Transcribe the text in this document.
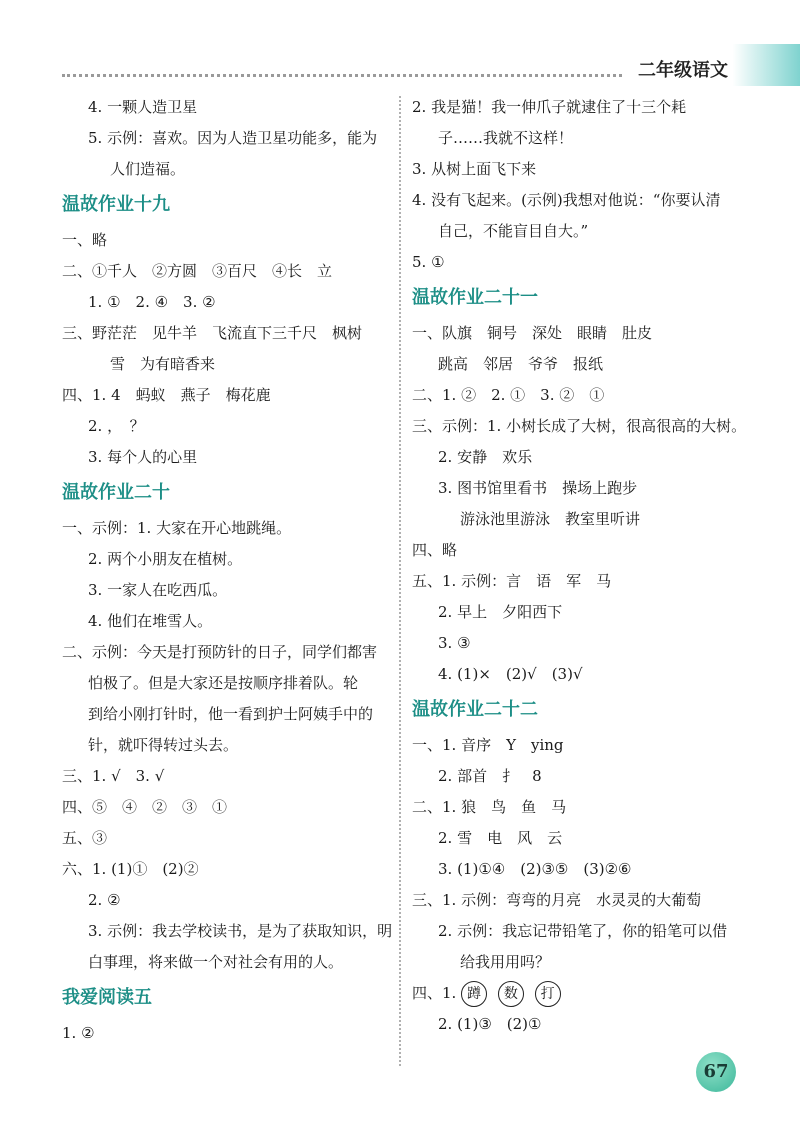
二年级语文
4. 一颗人造卫星
5. 示例：喜欢。因为人造卫星功能多，能为
人们造福。
温故作业十九
一、略
二、①千人　②方圆　③百尺　④长　立
1. ①　2. ④　3. ②
三、野茫茫　见牛羊　飞流直下三千尺　枫树
雪　为有暗香来
四、1. 4　蚂蚁　燕子　梅花鹿
2. ，　？
3. 每个人的心里
温故作业二十
一、示例：1. 大家在开心地跳绳。
2. 两个小朋友在植树。
3. 一家人在吃西瓜。
4. 他们在堆雪人。
二、示例：今天是打预防针的日子，同学们都害
怕极了。但是大家还是按顺序排着队。轮
到给小刚打针时，他一看到护士阿姨手中的
针，就吓得转过头去。
三、1. √　3. √
四、⑤　④　②　③　①
五、③
六、1. (1)①　(2)②
2. ②
3. 示例：我去学校读书，是为了获取知识，明
白事理，将来做一个对社会有用的人。
我爱阅读五
1. ②
2. 我是猫！我一伸爪子就逮住了十三个耗
子……我就不这样！
3. 从树上面飞下来
4. 没有飞起来。(示例)我想对他说：“你要认清
自己，不能盲目自大。”
5. ①
温故作业二十一
一、队旗　铜号　深处　眼睛　肚皮
跳高　邻居　爷爷　报纸
二、1. ②　2. ①　3. ②　①
三、示例：1. 小树长成了大树，很高很高的大树。
2. 安静　欢乐
3. 图书馆里看书　操场上跑步
游泳池里游泳　教室里听讲
四、略
五、1. 示例：言　语　军　马
2. 早上　夕阳西下
3. ③
4. (1)×　(2)√　(3)√
温故作业二十二
一、1. 音序　Y　ying
2. 部首　扌　8
二、1. 狼　鸟　鱼　马
2. 雪　电　风　云
3. (1)①④　(2)③⑤　(3)②⑥
三、1. 示例：弯弯的月亮　水灵灵的大葡萄
2. 示例：我忘记带铅笔了，你的铅笔可以借
给我用用吗？
四、1. 蹲 数 打
2. (1)③　(2)①
67
